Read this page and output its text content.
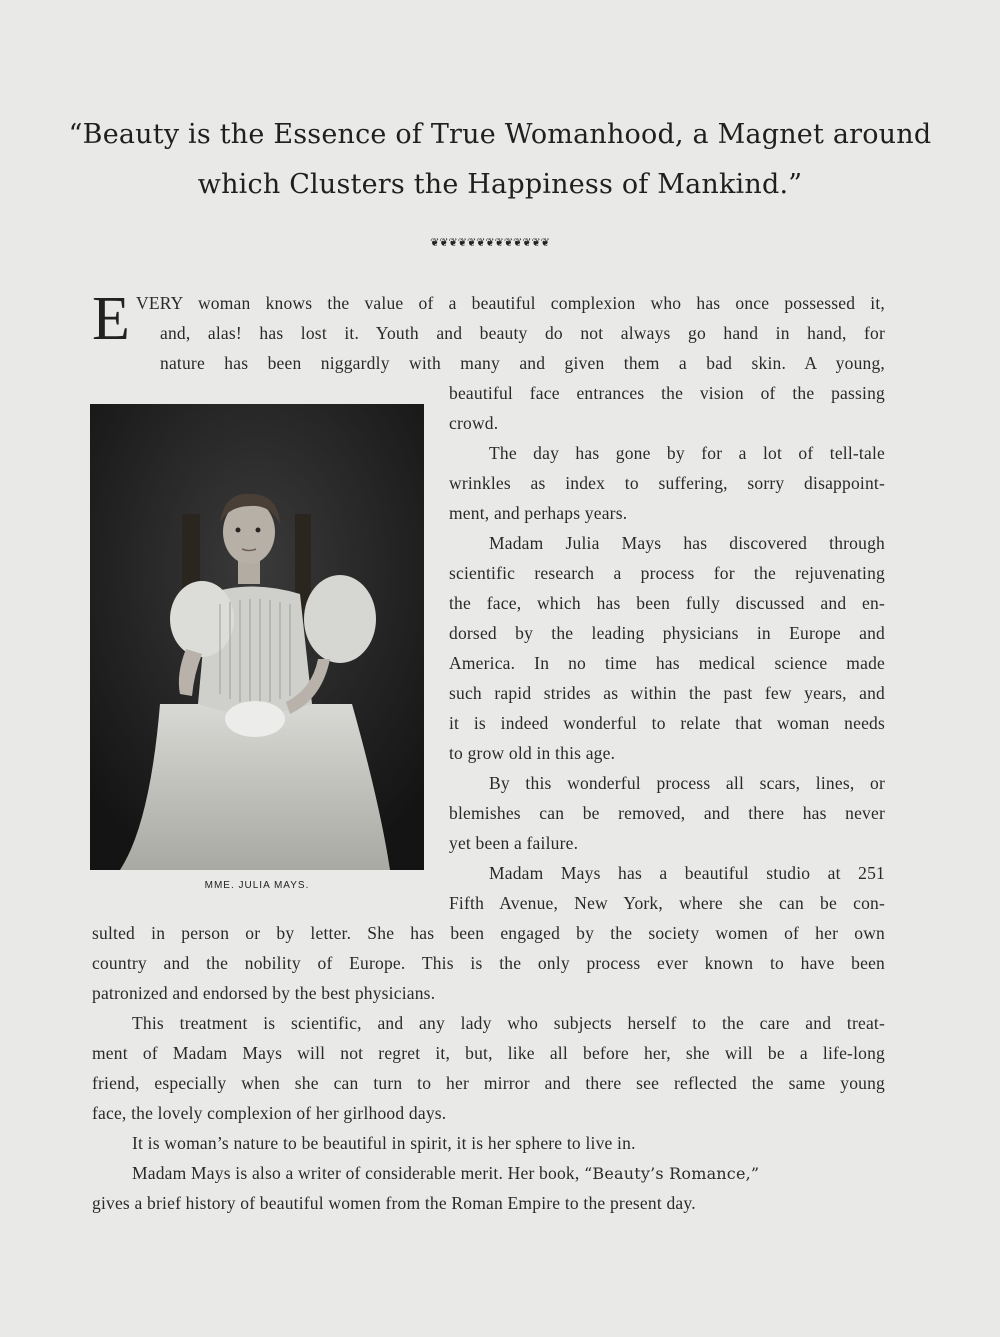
“Beauty is the Essence of True Womanhood, a Magnet around
which Clusters the Happiness of Mankind.”
❦❦❦❦❦❦❦❦❦❦❦❦❦
E VERY woman knows the value of a beautiful complexion who has once possessed it,
and, alas! has lost it. Youth and beauty do not always go hand in hand, for
nature has been niggardly with many and given them a bad skin. A young,
MME. JULIA MAYS.
beautiful face entrances the vision of the passing
crowd.
The day has gone by for a lot of tell-tale
wrinkles as index to suffering, sorry disappoint-
ment, and perhaps years.
Madam Julia Mays has discovered through
scientific research a process for the rejuvenating
the face, which has been fully discussed and en-
dorsed by the leading physicians in Europe and
America. In no time has medical science made
such rapid strides as within the past few years, and
it is indeed wonderful to relate that woman needs
to grow old in this age.
By this wonderful process all scars, lines, or
blemishes can be removed, and there has never
yet been a failure.
Madam Mays has a beautiful studio at 251
Fifth Avenue, New York, where she can be con-
sulted in person or by letter. She has been engaged by the society women of her own
country and the nobility of Europe. This is the only process ever known to have been
patronized and endorsed by the best physicians.
This treatment is scientific, and any lady who subjects herself to the care and treat-
ment of Madam Mays will not regret it, but, like all before her, she will be a life-long
friend, especially when she can turn to her mirror and there see reflected the same young
face, the lovely complexion of her girlhood days.
It is woman’s nature to be beautiful in spirit, it is her sphere to live in.
Madam Mays is also a writer of considerable merit. Her book, “Beauty’s Romance,”
gives a brief history of beautiful women from the Roman Empire to the present day.
